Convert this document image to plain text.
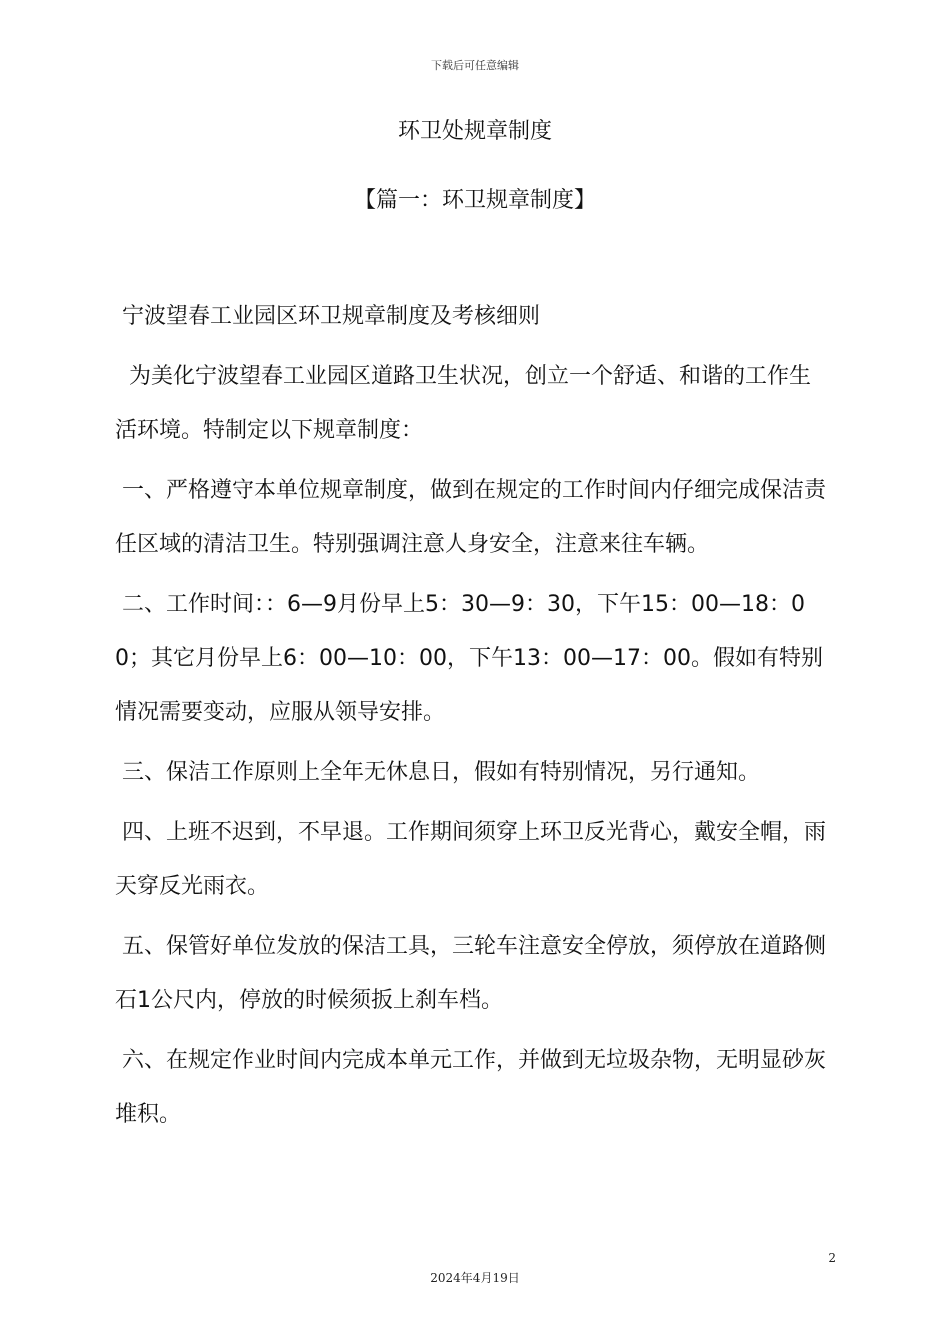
下载后可任意编辑
环卫处规章制度
【篇一：环卫规章制度】

宁波望春工业园区环卫规章制度及考核细则

为美化宁波望春工业园区道路卫生状况，创立一个舒适、和谐的工作生活环境。特制定以下规章制度：

一、严格遵守本单位规章制度，做到在规定的工作时间内仔细完成保洁责任区域的清洁卫生。特别强调注意人身安全，注意来往车辆。

二、工作时间：：6—9月份早上5：30—9：30，下午15：00—18：00；其它月份早上6：00—10：00，下午13：00—17：00。假如有特别情况需要变动，应服从领导安排。

三、保洁工作原则上全年无休息日，假如有特别情况，另行通知。

四、上班不迟到，不早退。工作期间须穿上环卫反光背心，戴安全帽，雨天穿反光雨衣。

五、保管好单位发放的保洁工具，三轮车注意安全停放，须停放在道路侧石1公尺内，停放的时候须扳上刹车档。

六、在规定作业时间内完成本单元工作，并做到无垃圾杂物，无明显砂灰堆积。

2
2024年4月19日
